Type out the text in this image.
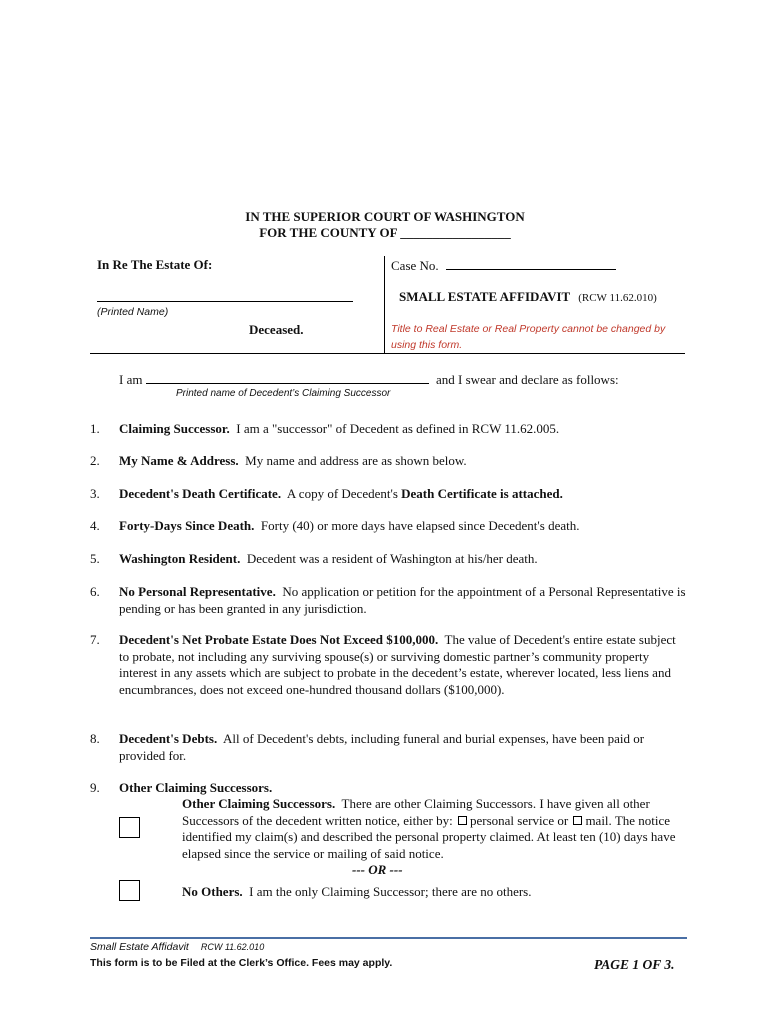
IN THE SUPERIOR COURT OF WASHINGTON
FOR THE COUNTY OF _________________
In Re The Estate Of:
(Printed Name)
Deceased.
Case No.
SMALL ESTATE AFFIDAVIT (RCW 11.62.010)
Title to Real Estate or Real Property cannot be changed by using this form.
I am	and I swear and declare as follows:
Printed name of Decedent’s Claiming Successor
1. Claiming Successor. I am a "successor" of Decedent as defined in RCW 11.62.005.
2. My Name & Address. My name and address are as shown below.
3. Decedent's Death Certificate. A copy of Decedent's Death Certificate is attached.
4. Forty-Days Since Death. Forty (40) or more days have elapsed since Decedent's death.
5. Washington Resident. Decedent was a resident of Washington at his/her death.
6. No Personal Representative. No application or petition for the appointment of a Personal Representative is pending or has been granted in any jurisdiction.
7. Decedent's Net Probate Estate Does Not Exceed $100,000. The value of Decedent's entire estate subject to probate, not including any surviving spouse(s) or surviving domestic partner’s community property interest in any assets which are subject to probate in the decedent’s estate, wherever located, less liens and encumbrances, does not exceed one-hundred thousand dollars ($100,000).
8. Decedent's Debts. All of Decedent's debts, including funeral and burial expenses, have been paid or provided for.
9. Other Claiming Successors.
Other Claiming Successors. There are other Claiming Successors. I have given all other Successors of the decedent written notice, either by: personal service or mail. The notice identified my claim(s) and described the personal property claimed. At least ten (10) days have elapsed since the service or mailing of said notice.
--- OR ---
No Others. I am the only Claiming Successor; there are no others.
Small Estate Affidavit RCW 11.62.010
This form is to be Filed at the Clerk’s Office. Fees may apply.	PAGE 1 OF 3.
